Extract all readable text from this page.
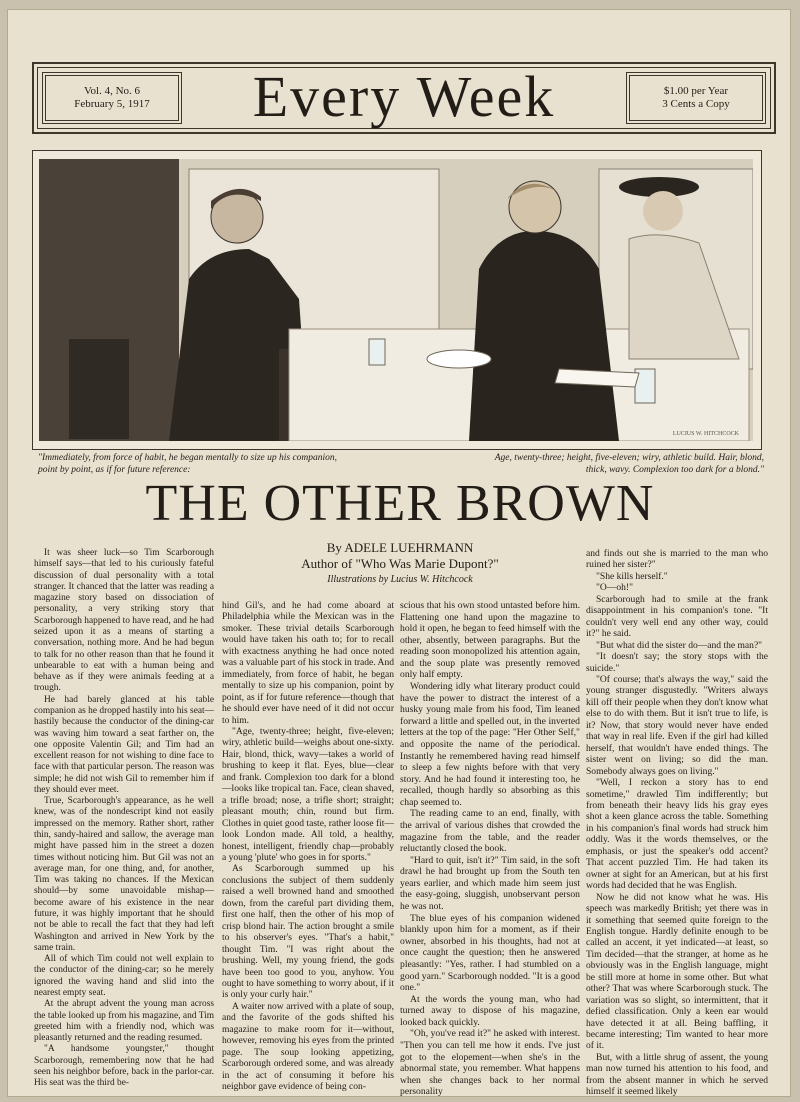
Vol. 4, No. 6
February 5, 1917	Every Week	$1.00 per Year
3 Cents a Copy
LUCIUS W. HITCHCOCK
"Immediately, from force of habit, he began mentally to size up his companion, point by point, as if for future reference:
Age, twenty-three; height, five-eleven; wiry, athletic build. Hair, blond, thick, wavy. Complexion too dark for a blond."
THE OTHER BROWN
By ADELE LUEHRMANN
Author of "Who Was Marie Dupont?"
Illustrations by Lucius W. Hitchcock

It was sheer luck—so Tim Scarborough himself says—that led to his curiously fateful discussion of dual personality with a total stranger. It chanced that the latter was reading a magazine story based on dissociation of personality, a very striking story that Scarborough happened to have read, and he had seized upon it as a means of starting a conversation, nothing more. And he had begun to talk for no other reason than that he found it unbearable to eat with a human being and behave as if they were animals feeding at a trough.

He had barely glanced at his table companion as he dropped hastily into his seat—hastily because the conductor of the dining-car was waving him toward a seat farther on, the one opposite Valentin Gil; and Tim had an excellent reason for not wishing to dine face to face with that particular person. The reason was simple; he did not wish Gil to remember him if they should ever meet.

True, Scarborough's appearance, as he well knew, was of the nondescript kind not easily impressed on the memory. Rather short, rather thin, sandy-haired and sallow, the average man might have passed him in the street a dozen times without noticing him. But Gil was not an average man, for one thing, and, for another, Tim was taking no chances. If the Mexican should—by some unavoidable mishap—become aware of his existence in the near future, it was highly important that he should not be able to recall the fact that they had left Washington and arrived in New York by the same train.

All of which Tim could not well explain to the conductor of the dining-car; so he merely ignored the waving hand and slid into the nearest empty seat.

At the abrupt advent the young man across the table looked up from his magazine, and Tim greeted him with a friendly nod, which was pleasantly returned and the reading resumed.

"A handsome youngster," thought Scarborough, remembering now that he had seen his neighbor before, back in the parlor-car. His seat was the third be-

hind Gil's, and he had come aboard at Philadelphia while the Mexican was in the smoker. These trivial details Scarborough would have taken his oath to; for to recall with exactness anything he had once noted was a valuable part of his stock in trade. And immediately, from force of habit, he began mentally to size up his companion, point by point, as if for future reference—though that he should ever have need of it did not occur to him.

"Age, twenty-three; height, five-eleven; wiry, athletic build—weighs about one-sixty. Hair, blond, thick, wavy—takes a world of brushing to keep it flat. Eyes, blue—clear and frank. Complexion too dark for a blond—looks like tropical tan. Face, clean shaved, a trifle broad; nose, a trifle short; straight; pleasant mouth; chin, round but firm. Clothes in quiet good taste, rather loose fit—look London made. All told, a healthy, honest, intelligent, friendly chap—probably a young 'plute' who goes in for sports."

As Scarborough summed up his conclusions the subject of them suddenly raised a well browned hand and smoothed down, from the careful part dividing them, first one half, then the other of his mop of crisp blond hair. The action brought a smile to his observer's eyes. "That's a habit," thought Tim. "I was right about the brushing. Well, my young friend, the gods have been too good to you, anyhow. You ought to have something to worry about, if it is only your curly hair."

A waiter now arrived with a plate of soup, and the favorite of the gods shifted his magazine to make room for it—without, however, removing his eyes from the printed page. The soup looking appetizing, Scarborough ordered some, and was already in the act of consuming it before his neighbor gave evidence of being con-

scious that his own stood untasted before him. Flattening one hand upon the magazine to hold it open, he began to feed himself with the other, absently, between paragraphs. But the reading soon monopolized his attention again, and the soup plate was presently removed only half empty.

Wondering idly what literary product could have the power to distract the interest of a husky young male from his food, Tim leaned forward a little and spelled out, in the inverted letters at the top of the page: "Her Other Self," and opposite the name of the periodical. Instantly he remembered having read himself to sleep a few nights before with that very story. And he had found it interesting too, he recalled, though hardly so absorbing as this chap seemed to.

The reading came to an end, finally, with the arrival of various dishes that crowded the magazine from the table, and the reader reluctantly closed the book.

"Hard to quit, isn't it?" Tim said, in the soft drawl he had brought up from the South ten years earlier, and which made him seem just the easy-going, sluggish, unobservant person he was not.

The blue eyes of his companion widened blankly upon him for a moment, as if their owner, absorbed in his thoughts, had not at once caught the question; then he answered pleasantly: "Yes, rather. I had stumbled on a good yarn." Scarborough nodded. "It is a good one."

At the words the young man, who had turned away to dispose of his magazine, looked back quickly.

"Oh, you've read it?" he asked with interest. "Then you can tell me how it ends. I've just got to the elopement—when she's in the abnormal state, you remember. What happens when she changes back to her normal personality

and finds out she is married to the man who ruined her sister?"

"She kills herself."

"O—oh!"

Scarborough had to smile at the frank disappointment in his companion's tone. "It couldn't very well end any other way, could it?" he said.

"But what did the sister do—and the man?"

"It doesn't say; the story stops with the suicide."

"Of course; that's always the way," said the young stranger disgustedly. "Writers always kill off their people when they don't know what else to do with them. But it isn't true to life, is it? Now, that story would never have ended that way in real life. Even if the girl had killed herself, that wouldn't have ended things. The sister went on living; so did the man. Somebody always goes on living."

"Well, I reckon a story has to end sometime," drawled Tim indifferently; but from beneath their heavy lids his gray eyes shot a keen glance across the table. Something in his companion's final words had struck him oddly. Was it the words themselves, or the emphasis, or just the speaker's odd accent? That accent puzzled Tim. He had taken its owner at sight for an American, but at his first words had decided that he was English.

Now he did not know what he was. His speech was markedly British; yet there was in it something that seemed quite foreign to the English tongue. Hardly definite enough to be called an accent, it yet indicated—at least, so Tim decided—that the stranger, at home as he obviously was in the English language, might be still more at home in some other. But what other? That was where Scarborough stuck. The variation was so slight, so intermittent, that it defied classification. Only a keen ear would have detected it at all. Being baffling, it became interesting; Tim wanted to hear more of it.

But, with a little shrug of assent, the young man now turned his attention to his food, and from the absent manner in which he served himself it seemed likely
